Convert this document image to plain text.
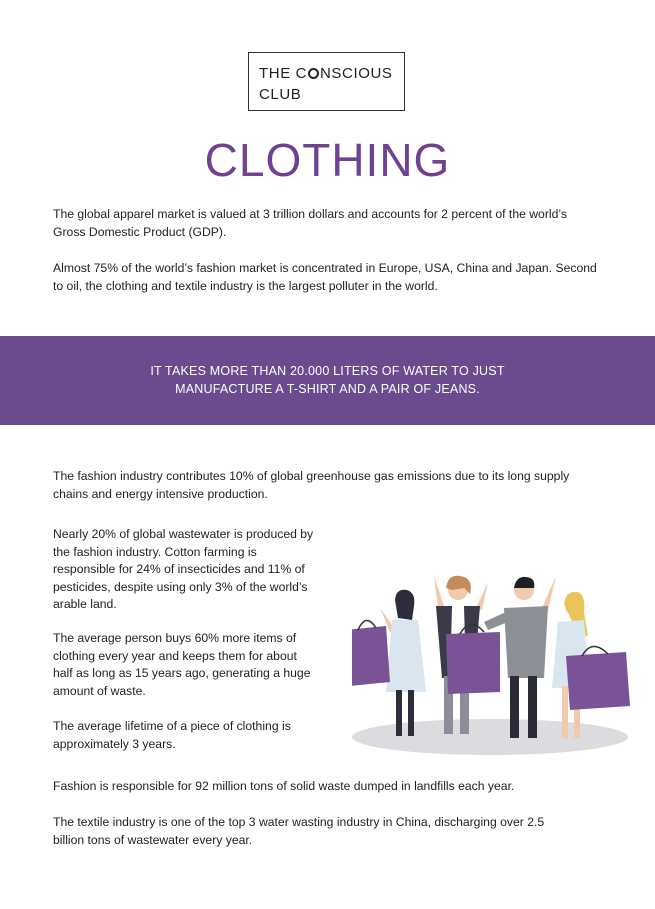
THE C NSCIOUS
CLUB
CLOTHING

The global apparel market is valued at 3 trillion dollars and accounts for 2 percent of the world’s Gross Domestic Product (GDP).

Almost 75% of the world’s fashion market is concentrated in Europe, USA, China and Japan. Second to oil, the clothing and textile industry is the largest polluter in the world.

IT TAKES MORE THAN 20.000 LITERS OF WATER TO JUST
MANUFACTURE A T-SHIRT AND A PAIR OF JEANS.

The fashion industry contributes 10% of global greenhouse gas emissions due to its long supply chains and energy intensive production.

Nearly 20% of global wastewater is produced by the fashion industry. Cotton farming is responsible for 24% of insecticides and 11% of pesticides, despite using only 3% of the world’s arable land.

The average person buys 60% more items of clothing every year and keeps them for about half as long as 15 years ago, generating a huge amount of waste.

The average lifetime of a piece of clothing is approximately 3 years.

Fashion is responsible for 92 million tons of solid waste dumped in landfills each year.

The textile industry is one of the top 3 water wasting industry in China, discharging over 2.5 billion tons of wastewater every year.
